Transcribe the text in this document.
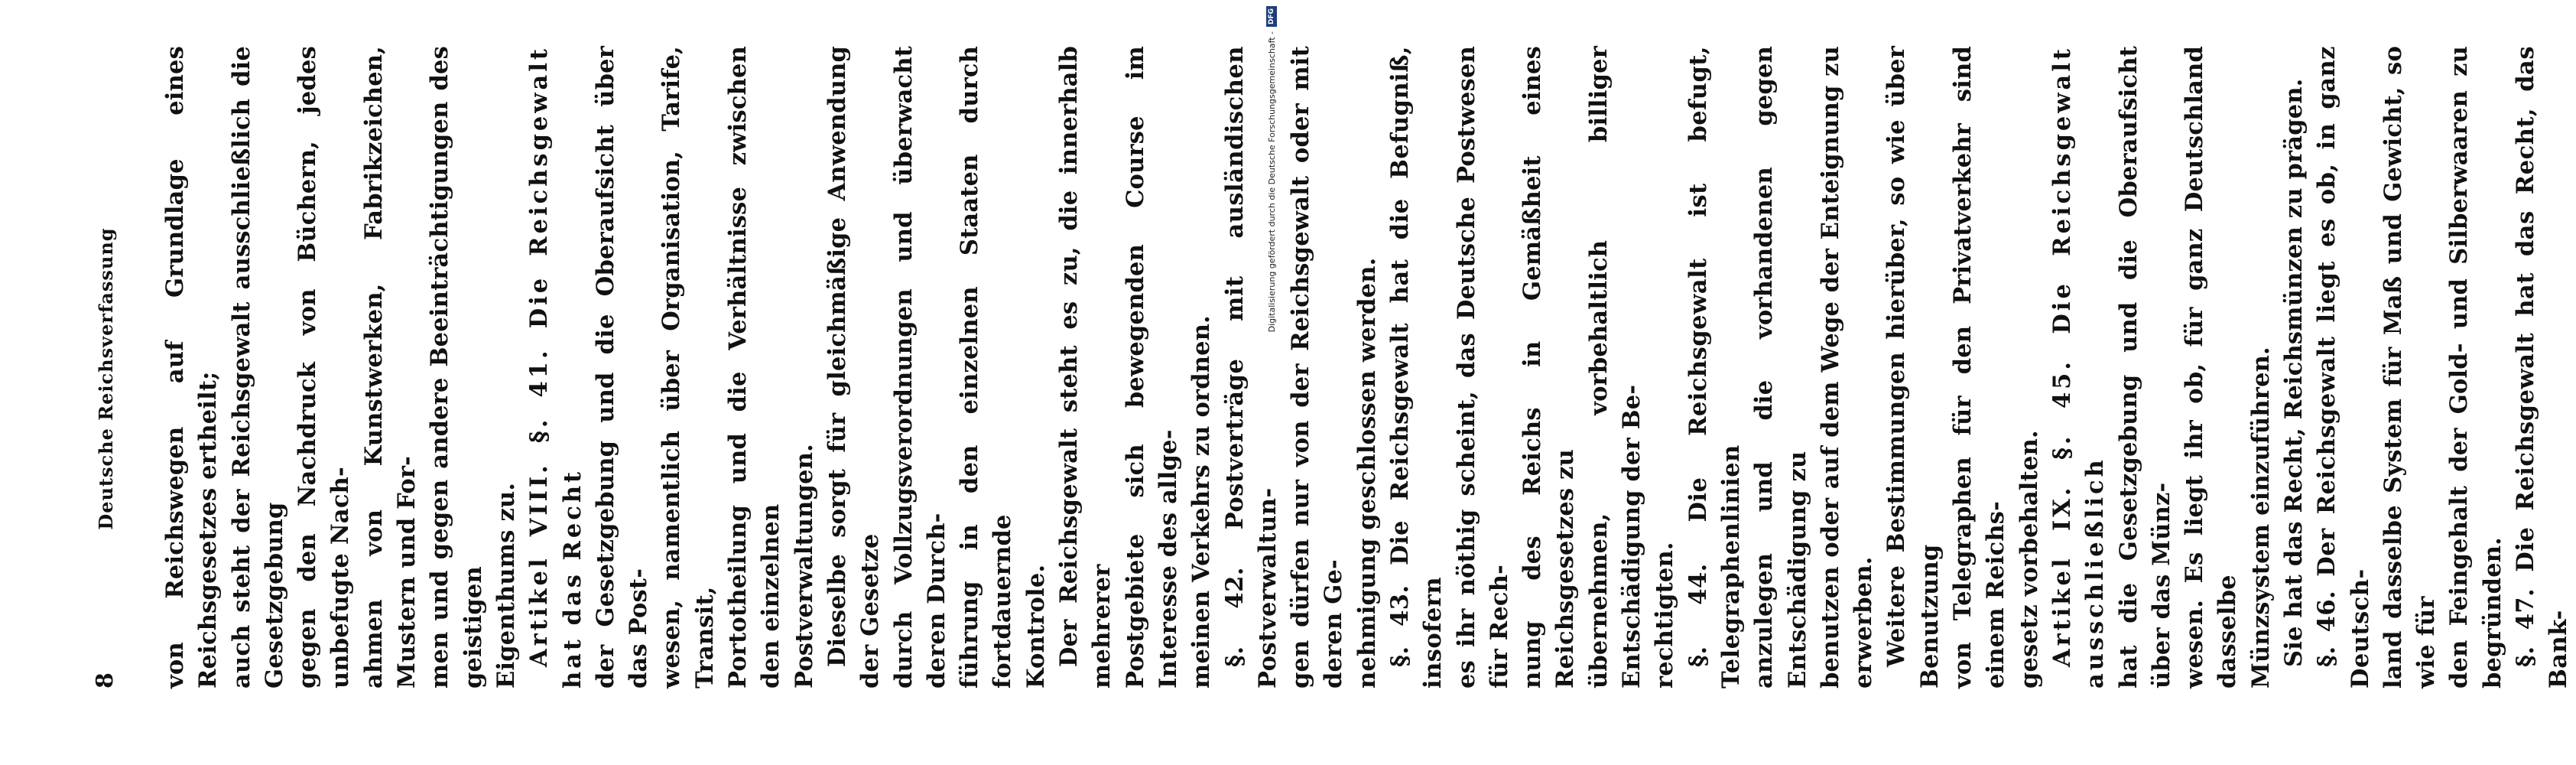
8
Deutsche Reichsverfassung von Reichswegen auf Grundlage eines Reichsgesetzes ertheilt; auch steht der Reichsgewalt ausschließlich die Gesetzgebung gegen den Nachdruck von Büchern, jedes unbefugte Nach- ahmen von Kunstwerken, Fabrikzeichen, Mustern und For- men und gegen andere Beeinträchtigungen des geistigen Eigenthums zu. Artikel VIII. §. 41. Die Reichsgewalt hat das Recht der Gesetzgebung und die Oberaufsicht über das Post- wesen, namentlich über Organisation, Tarife, Transit, Portotheilung und die Verhältnisse zwischen den einzelnen Postverwaltungen. Dieselbe sorgt für gleichmäßige Anwendung der Gesetze durch Vollzugsverordnungen und überwacht deren Durch- führung in den einzelnen Staaten durch fortdauernde Kontrole. Der Reichsgewalt steht es zu, die innerhalb mehrerer Postgebiete sich bewegenden Course im Interesse des allge- meinen Verkehrs zu ordnen. §. 42. Postverträge mit ausländischen Postverwaltun- gen dürfen nur von der Reichsgewalt oder mit deren Ge- nehmigung geschlossen werden. §. 43. Die Reichsgewalt hat die Befugniß, insofern es ihr nöthig scheint, das Deutsche Postwesen für Rech- nung des Reichs in Gemäßheit eines Reichsgesetzes zu übernehmen, vorbehaltlich billiger Entschädigung der Be- rechtigten. §. 44. Die Reichsgewalt ist befugt, Telegraphenlinien anzulegen und die vorhandenen gegen Entschädigung zu benutzen oder auf dem Wege der Enteignung zu erwerben. Weitere Bestimmungen hierüber, so wie über Benutzung von Telegraphen für den Privatverkehr sind einem Reichs- gesetz vorbehalten. Artikel IX. §. 45. Die Reichsgewalt ausschließlich hat die Gesetzgebung und die Oberaufsicht über das Münz- wesen. Es liegt ihr ob, für ganz Deutschland dasselbe Münzsystem einzuführen. Sie hat das Recht, Reichsmünzen zu prägen. §. 46. Der Reichsgewalt liegt es ob, in ganz Deutsch- land dasselbe System für Maß und Gewicht, so wie für den Feingehalt der Gold- und Silberwaaren zu begründen. §. 47. Die Reichsgewalt hat das Recht, das Bank-

Digitalisierung gefördert durch die Deutsche Forschungsgemeinschaft -
DFG
